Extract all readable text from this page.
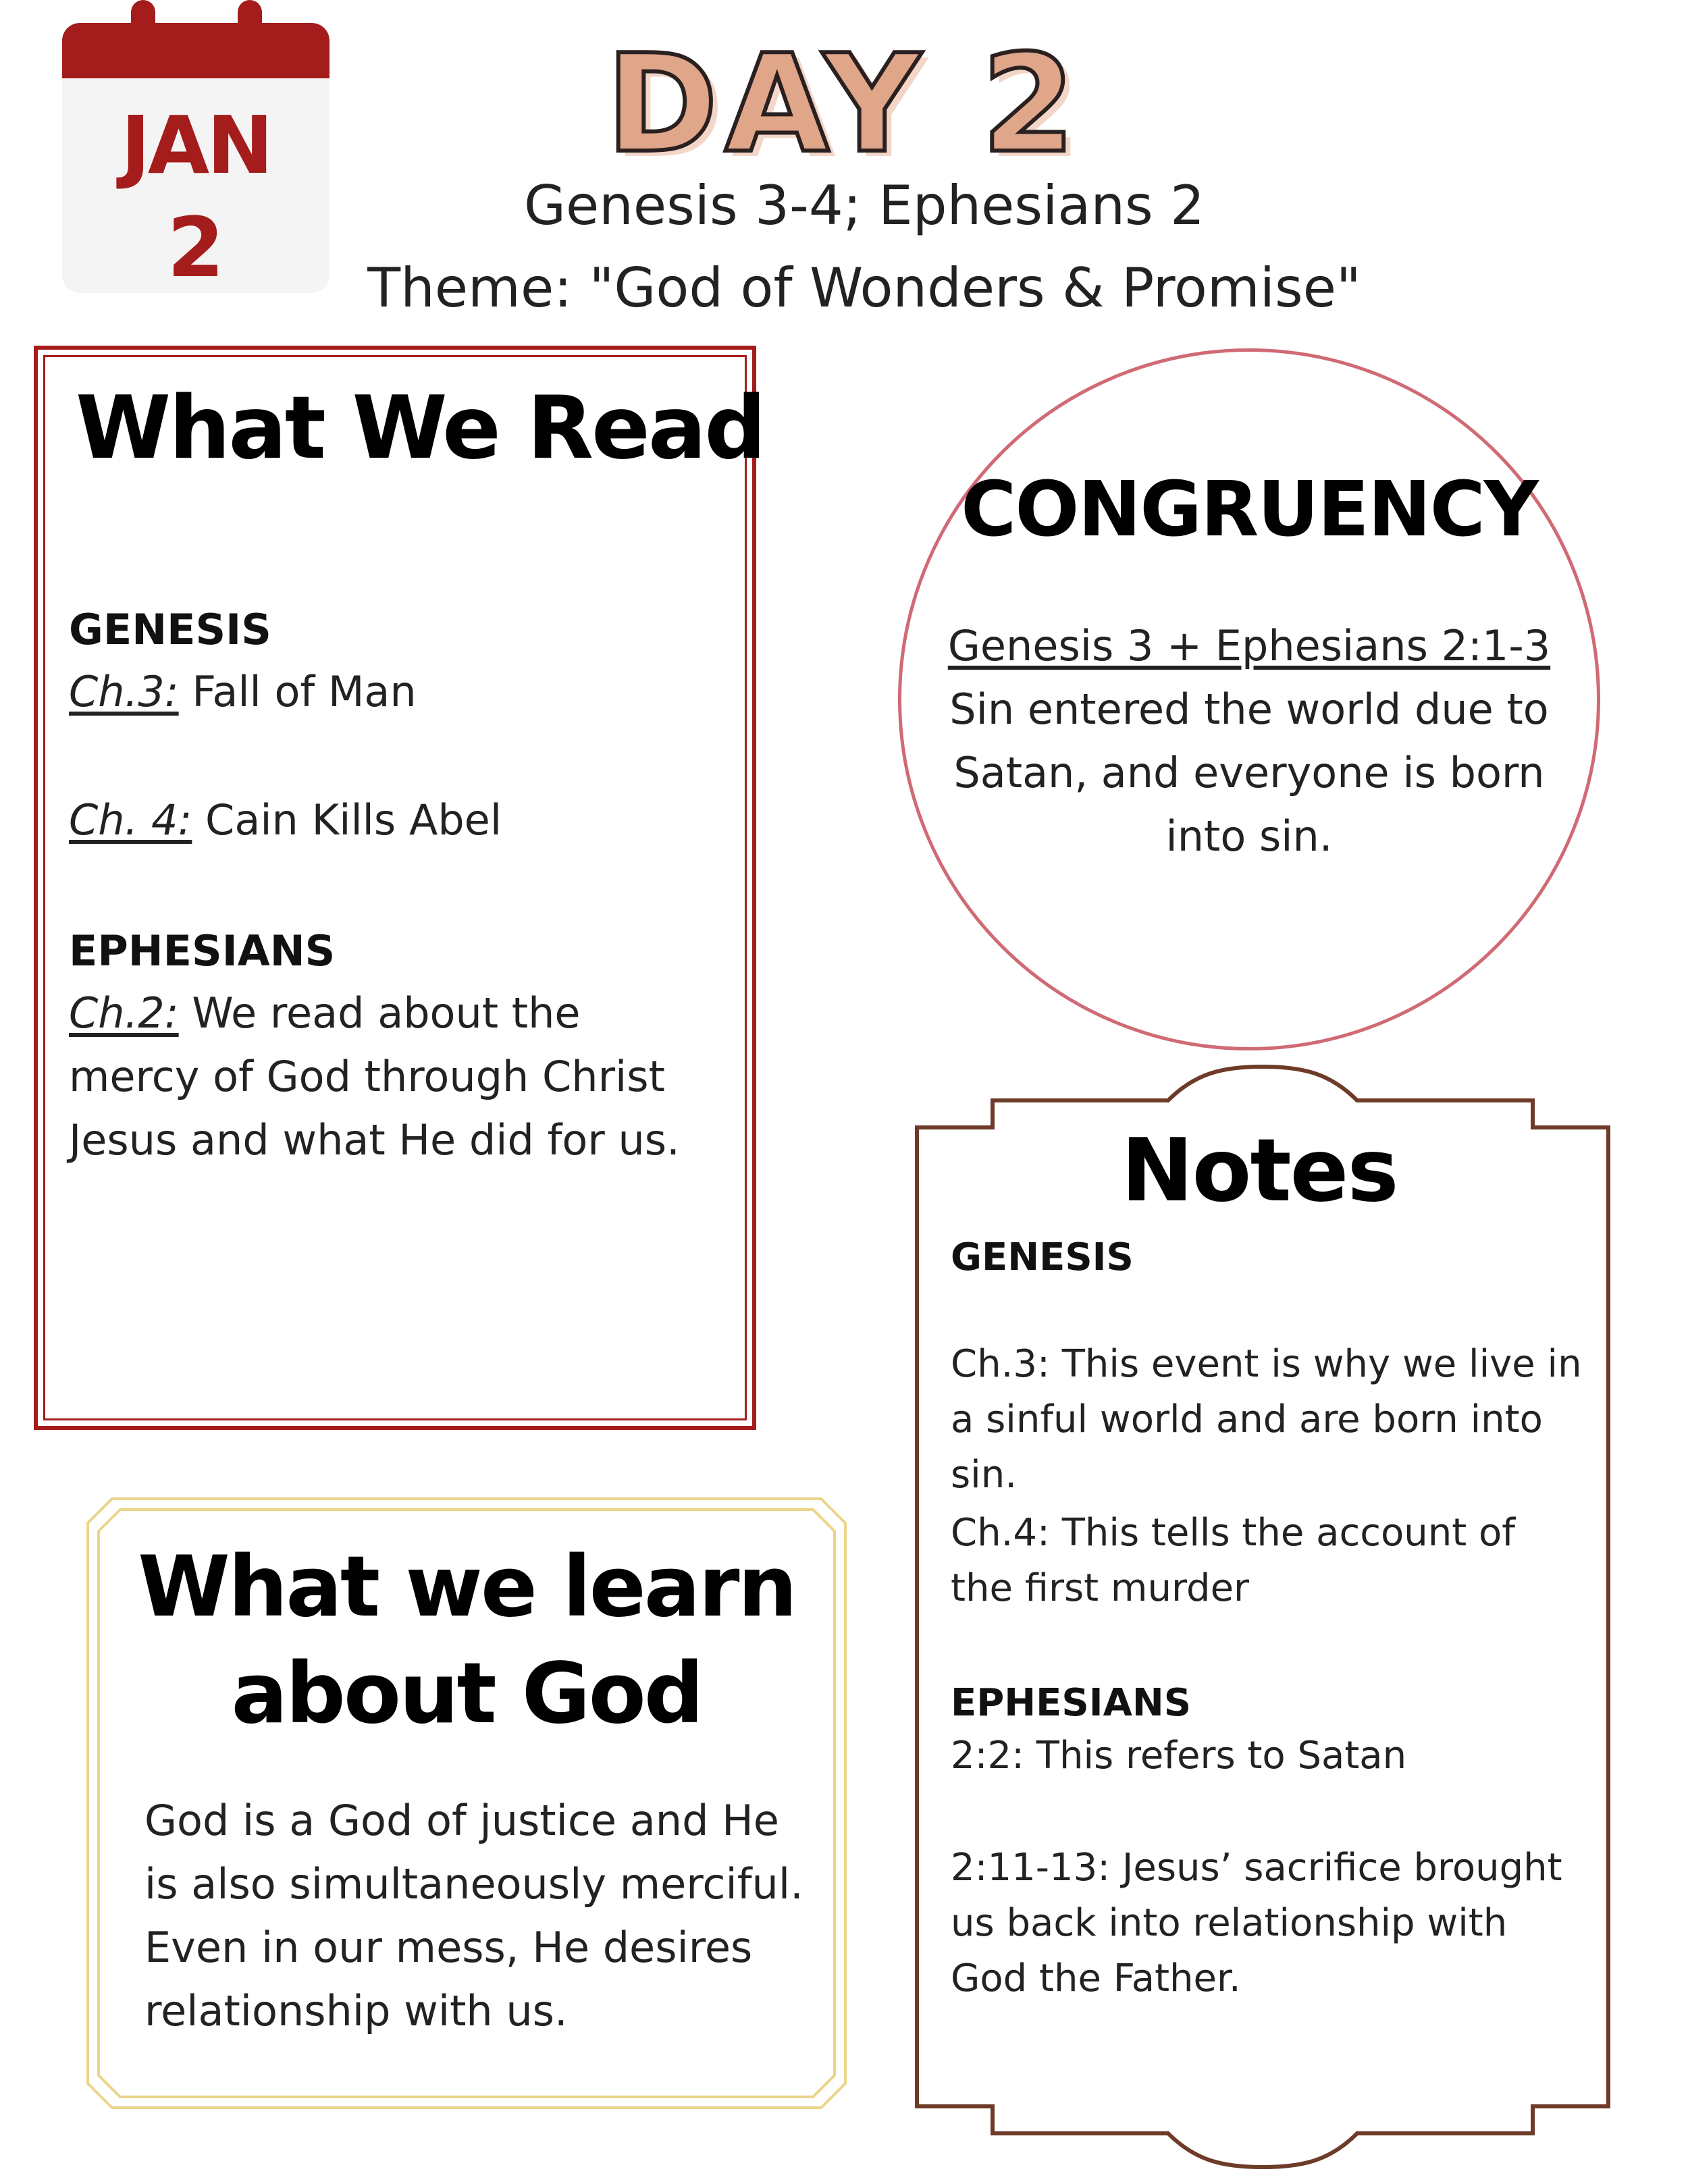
JAN
2
DAY 2
Genesis 3-4; Ephesians 2
Theme: "God of Wonders & Promise"
What We Read
GENESIS
Ch.3: Fall of Man
Ch. 4: Cain Kills Abel
EPHESIANS
Ch.2: We read about the mercy of God through Christ Jesus and what He did for us.
CONGRUENCY
Genesis 3 + Ephesians 2:1-3
Sin entered the world due to Satan, and everyone is born into sin.
Notes
GENESIS
Ch.3: This event is why we live in a sinful world and are born into sin.
Ch.4: This tells the account of the first murder
EPHESIANS
2:2: This refers to Satan
2:11-13: Jesus’ sacrifice brought us back into relationship with God the Father.
What we learn about God
God is a God of justice and He is also simultaneously merciful. Even in our mess, He desires relationship with us.
